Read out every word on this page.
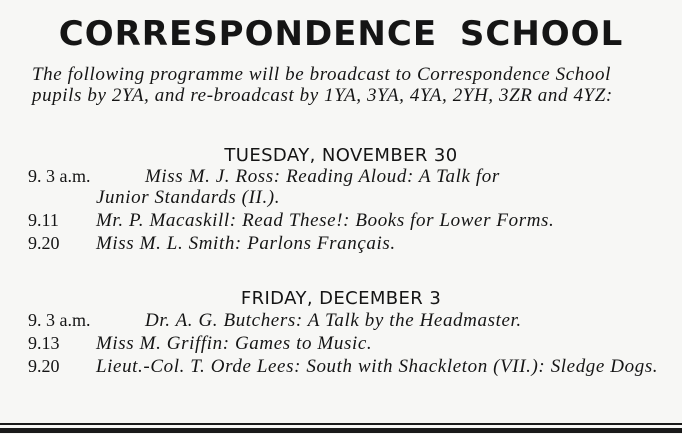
CORRESPONDENCE SCHOOL
The following programme will be broadcast to Correspondence School pupils by 2YA, and re-broadcast by 1YA, 3YA, 4YA, 2YH, 3ZR and 4YZ:
TUESDAY, NOVEMBER 30
9. 3 a.m.	Miss M. J. Ross: Reading Aloud: A Talk for
Junior Standards (II.).
9.11	Mr. P. Macaskill: Read These!: Books for Lower Forms.
9.20	Miss M. L. Smith: Parlons Français.
FRIDAY, DECEMBER 3
9. 3 a.m.	Dr. A. G. Butchers: A Talk by the Headmaster.
9.13	Miss M. Griffin: Games to Music.
9.20	Lieut.-Col. T. Orde Lees: South with Shackleton (VII.): Sledge Dogs.
